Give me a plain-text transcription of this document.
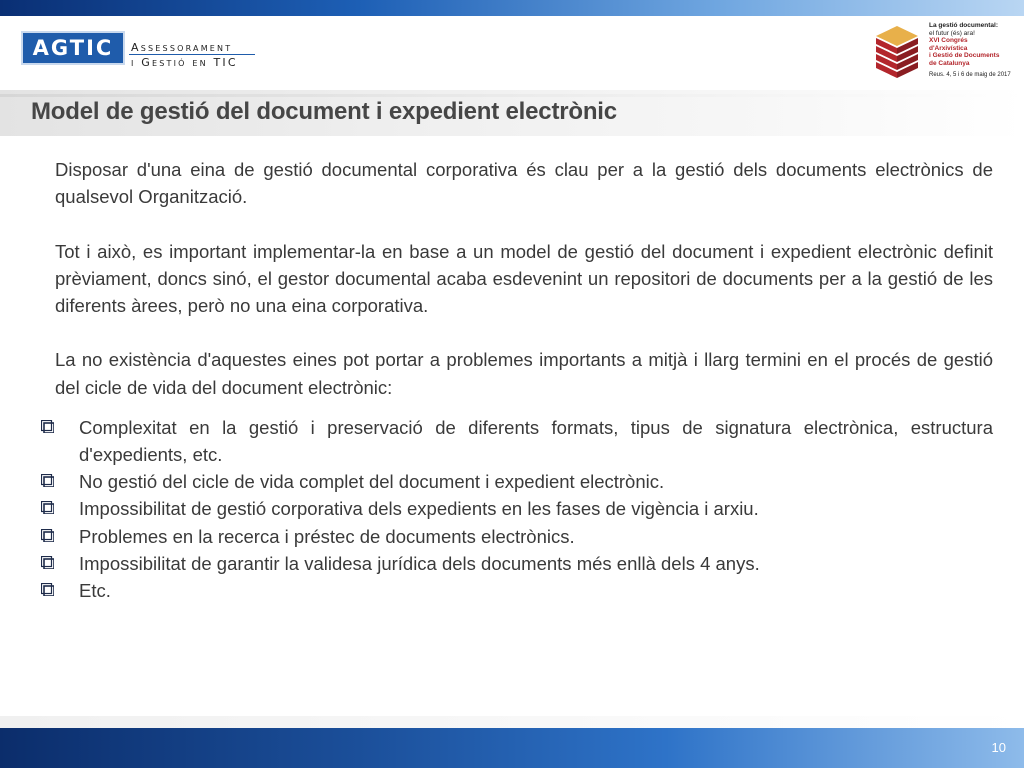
AGTIC	Assessorament
i Gestió en TIC
La gestió documental:
el futur (és) ara!
XVI Congrés d'Arxivística
i Gestió de Documents
de Catalunya
Reus. 4, 5 i 6 de maig de 2017
Model de gestió del document i expedient electrònic

Disposar d'una eina de gestió documental corporativa és clau per a la gestió dels documents electrònics de qualsevol Organització.

Tot i això, es important implementar-la en base a un model de gestió del document i expedient electrònic definit prèviament, doncs sinó, el gestor documental acaba esdevenint un repositori de documents per a la gestió de les diferents àrees, però no una eina corporativa.

La no existència d'aquestes eines pot portar a problemes importants a mitjà i llarg termini en el procés de gestió del cicle de vida del document electrònic:

Complexitat en la gestió i preservació de diferents formats, tipus de signatura electrònica, estructura d'expedients, etc.
No gestió del cicle de vida complet del document i expedient electrònic.
Impossibilitat de gestió corporativa dels expedients en les fases de vigència i arxiu.
Problemes en la recerca i préstec de documents electrònics.
Impossibilitat de garantir la validesa jurídica dels documents més enllà dels 4 anys.
Etc.
10
